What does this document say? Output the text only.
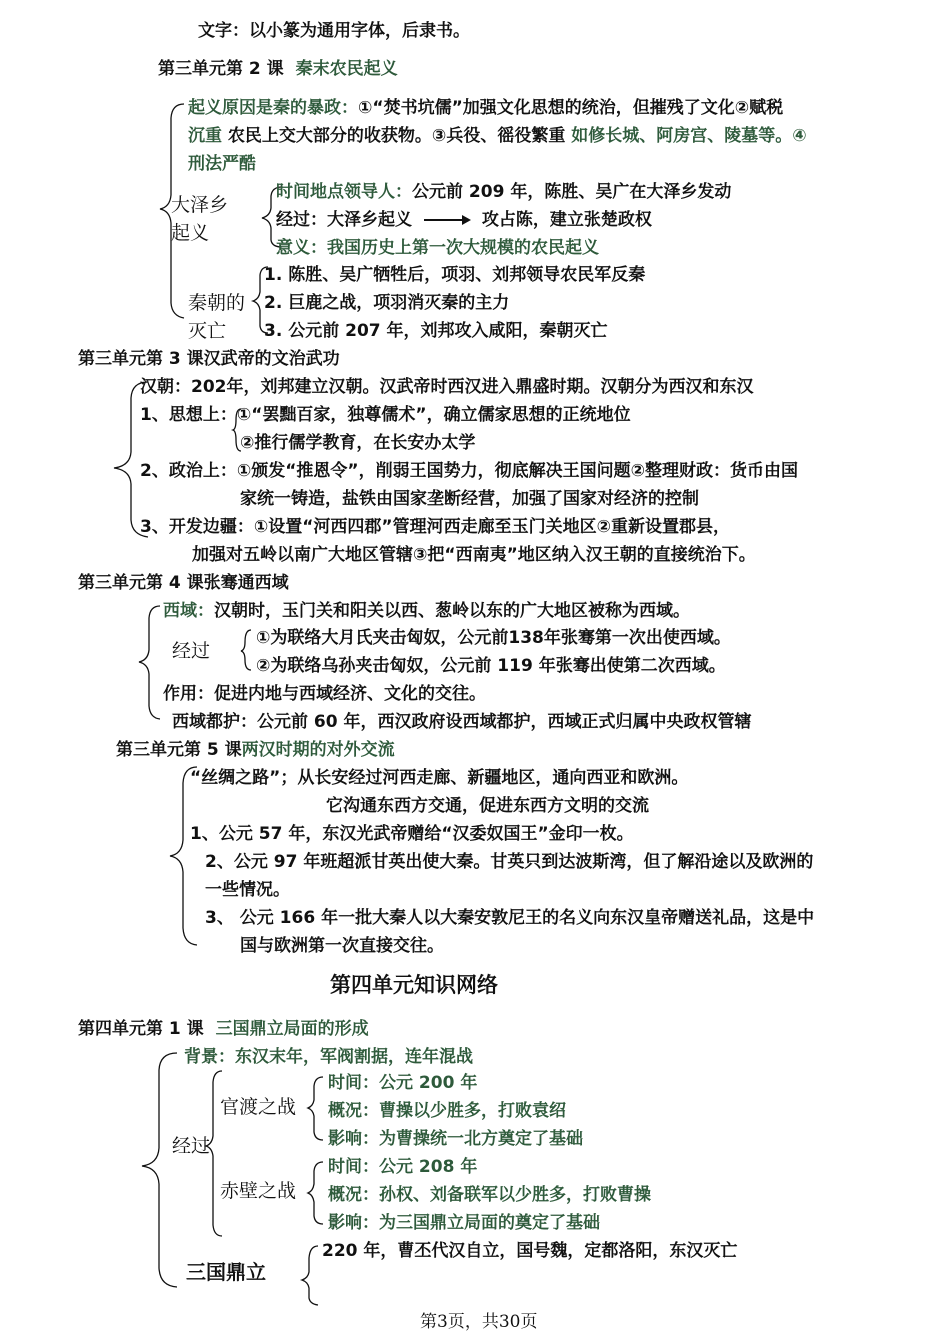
文字：以小篆为通用字体，后隶书。
第三单元第 2 课 秦末农民起义
起义原因是秦的暴政：①“焚书坑儒”加强文化思想的统治，但摧残了文化②赋税
沉重 农民上交大部分的收获物。③兵役、徭役繁重 如修长城、阿房宫、陵墓等。④
刑法严酷
大泽乡
起义
时间地点领导人：公元前 209 年，陈胜、吴广在大泽乡发动
经过：大泽乡起义	攻占陈，建立张楚政权
意义：我国历史上第一次大规模的农民起义
秦朝的
灭亡
1. 陈胜、吴广牺牲后，项羽、刘邦领导农民军反秦
2. 巨鹿之战，项羽消灭秦的主力
3. 公元前 207 年，刘邦攻入咸阳，秦朝灭亡
第三单元第 3 课汉武帝的文治武功
汉朝：202年，刘邦建立汉朝。汉武帝时西汉进入鼎盛时期。汉朝分为西汉和东汉
1、思想上：①“罢黜百家，独尊儒术”，确立儒家思想的正统地位
②推行儒学教育，在长安办太学
2、政治上：①颁发“推恩令”，削弱王国势力，彻底解决王国问题②整理财政：货币由国
家统一铸造，盐铁由国家垄断经营，加强了国家对经济的控制
3、开发边疆：①设置“河西四郡”管理河西走廊至玉门关地区②重新设置郡县，
加强对五岭以南广大地区管辖③把“西南夷”地区纳入汉王朝的直接统治下。
第三单元第 4 课张骞通西域
西域：汉朝时，玉门关和阳关以西、葱岭以东的广大地区被称为西域。
经过
①为联络大月氏夹击匈奴，公元前138年张骞第一次出使西域。
②为联络乌孙夹击匈奴，公元前 119 年张骞出使第二次西域。
作用：促进内地与西域经济、文化的交往。
西域都护：公元前 60 年，西汉政府设西域都护，西域正式归属中央政权管辖
第三单元第 5 课两汉时期的对外交流
“丝绸之路”；从长安经过河西走廊、新疆地区，通向西亚和欧洲。
它沟通东西方交通，促进东西方文明的交流
1、公元 57 年，东汉光武帝赠给“汉委奴国王”金印一枚。
2、公元 97 年班超派甘英出使大秦。甘英只到达波斯湾，但了解沿途以及欧洲的
一些情况。
3、 公元 166 年一批大秦人以大秦安敦尼王的名义向东汉皇帝赠送礼品，这是中
国与欧洲第一次直接交往。
第四单元知识网络
第四单元第 1 课 三国鼎立局面的形成
背景：东汉末年，军阀割据，连年混战
经过
官渡之战
时间：公元 200 年
概况：曹操以少胜多，打败袁绍
影响：为曹操统一北方奠定了基础
赤壁之战
时间：公元 208 年
概况：孙权、刘备联军以少胜多，打败曹操
影响：为三国鼎立局面的奠定了基础
三国鼎立
220 年，曹丕代汉自立，国号魏，定都洛阳，东汉灭亡
第3页，共30页
